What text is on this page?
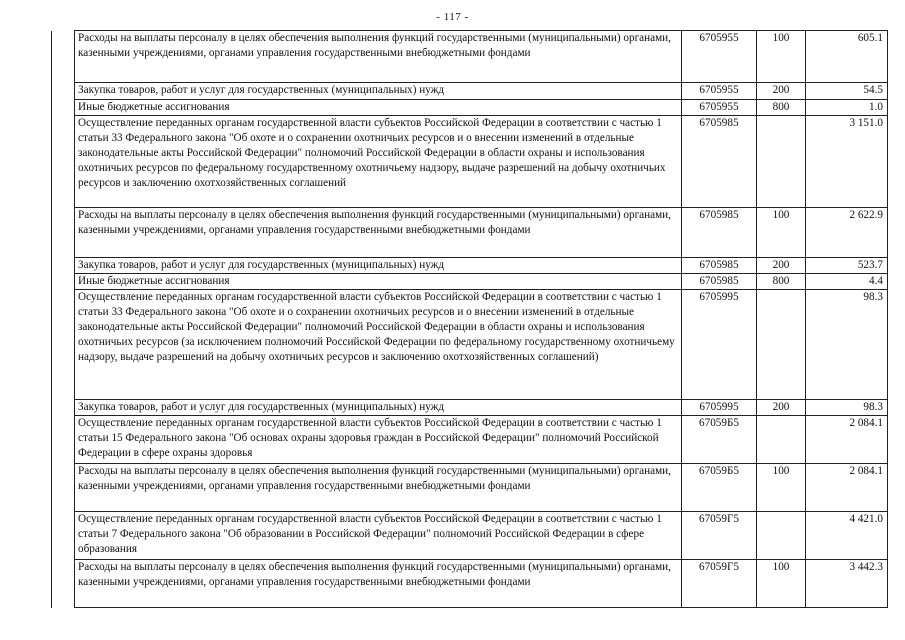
- 117 -
	Расходы на выплаты персоналу в целях обеспечения выполнения функций государственными (муниципальными) органами, казенными учреждениями, органами управления государственными внебюджетными фондами	6705955	100	605.1
	Закупка товаров, работ и услуг для государственных (муниципальных) нужд	6705955	200	54.5
	Иные бюджетные ассигнования	6705955	800	1.0
	Осуществление переданных органам государственной власти субъектов Российской Федерации в соответствии с частью 1 статьи 33 Федерального закона "Об охоте и о сохранении охотничьих ресурсов и о внесении изменений в отдельные законодательные акты Российской Федерации" полномочий Российской Федерации в области охраны и использования охотничьих ресурсов по федеральному государственному охотничьему надзору, выдаче разрешений на добычу охотничьих ресурсов и заключению охотхозяйственных соглашений	6705985		3 151.0
	Расходы на выплаты персоналу в целях обеспечения выполнения функций государственными (муниципальными) органами, казенными учреждениями, органами управления государственными внебюджетными фондами	6705985	100	2 622.9
	Закупка товаров, работ и услуг для государственных (муниципальных) нужд	6705985	200	523.7
	Иные бюджетные ассигнования	6705985	800	4.4
	Осуществление переданных органам государственной власти субъектов Российской Федерации в соответствии с частью 1 статьи 33 Федерального закона "Об охоте и о сохранении охотничьих ресурсов и о внесении изменений в отдельные законодательные акты Российской Федерации" полномочий Российской Федерации в области охраны и использования охотничьих ресурсов (за исключением полномочий Российской Федерации по федеральному государственному охотничьему надзору, выдаче разрешений на добычу охотничьих ресурсов и заключению охотхозяйственных соглашений)	6705995		98.3
	Закупка товаров, работ и услуг для государственных (муниципальных) нужд	6705995	200	98.3
	Осуществление переданных органам государственной власти субъектов Российской Федерации в соответствии с частью 1 статьи 15 Федерального закона "Об основах охраны здоровья граждан в Российской Федерации" полномочий Российской Федерации в сфере охраны здоровья	67059Б5		2 084.1
	Расходы на выплаты персоналу в целях обеспечения выполнения функций государственными (муниципальными) органами, казенными учреждениями, органами управления государственными внебюджетными фондами	67059Б5	100	2 084.1
	Осуществление переданных органам государственной власти субъектов Российской Федерации в соответствии с частью 1 статьи 7 Федерального закона "Об образовании в Российской Федерации" полномочий Российской Федерации в сфере образования	67059Г5		4 421.0
	Расходы на выплаты персоналу в целях обеспечения выполнения функций государственными (муниципальными) органами, казенными учреждениями, органами управления государственными внебюджетными фондами	67059Г5	100	3 442.3
